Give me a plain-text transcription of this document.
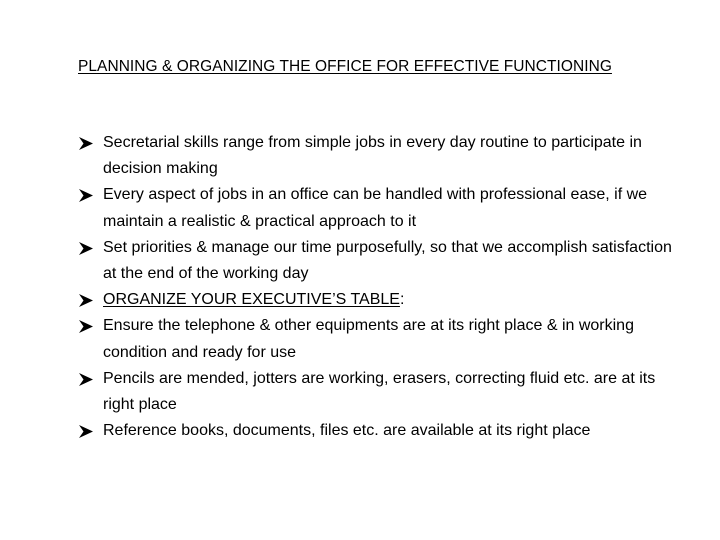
PLANNING & ORGANIZING THE OFFICE FOR EFFECTIVE FUNCTIONING
Secretarial skills range from simple jobs in every day routine to participate in decision making
Every aspect of jobs in an office can be handled with professional ease, if we maintain a realistic & practical approach to it
Set priorities & manage our time purposefully, so that we accomplish satisfaction at the end of the working day
ORGANIZE YOUR EXECUTIVE’S TABLE:
Ensure the telephone & other equipments are at its right place & in working condition and ready for use
Pencils are mended, jotters are working, erasers, correcting fluid etc. are at its right place
Reference books, documents, files etc. are available at its right place
